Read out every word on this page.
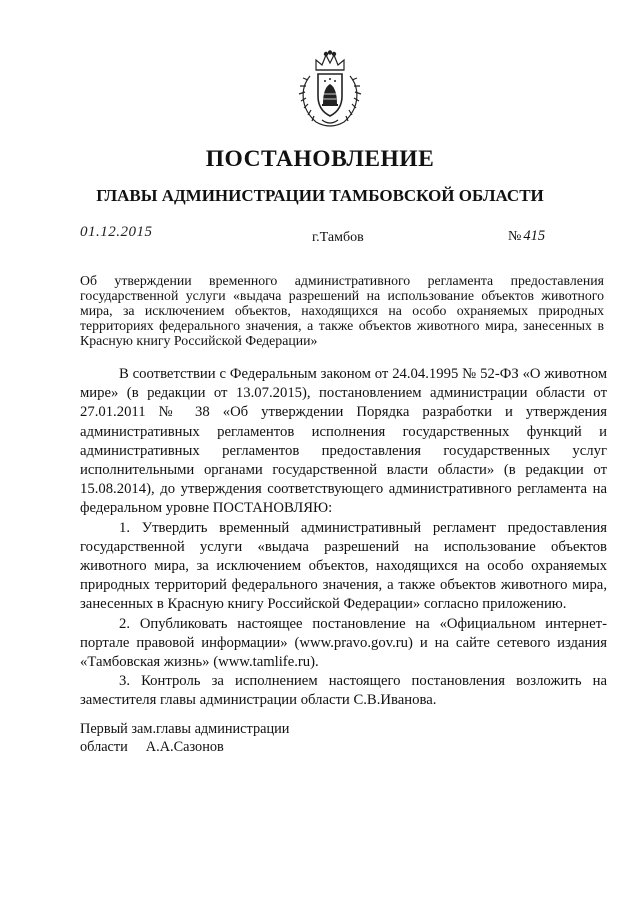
ПОСТАНОВЛЕНИЕ
ГЛАВЫ АДМИНИСТРАЦИИ ТАМБОВСКОЙ ОБЛАСТИ
01.12.2015	г.Тамбов	№ 415

Об утверждении временного административного регламента предоставления государственной услуги «выдача разрешений на использование объектов животного мира, за исключением объектов, находящихся на особо охраняемых природных территориях федерального значения, а также объектов животного мира, занесенных в Красную книгу Российской Федерации»

В соответствии с Федеральным законом от 24.04.1995 № 52-ФЗ «О животном мире» (в редакции от 13.07.2015), постановлением администрации области от 27.01.2011 № 38 «Об утверждении Порядка разработки и утверждения административных регламентов исполнения государственных функций и административных регламентов предоставления государственных услуг исполнительными органами государственной власти области» (в редакции от 15.08.2014), до утверждения соответствующего административного регламента на федеральном уровне ПОСТАНОВЛЯЮ:

1. Утвердить временный административный регламент предоставления государственной услуги «выдача разрешений на использование объектов животного мира, за исключением объектов, находящихся на особо охраняемых природных территорий федерального значения, а также объектов животного мира, занесенных в Красную книгу Российской Федерации» согласно приложению.

2. Опубликовать настоящее постановление на «Официальном интернет-портале правовой информации» (www.pravo.gov.ru) и на сайте сетевого издания «Тамбовская жизнь» (www.tamlife.ru).

3. Контроль за исполнением настоящего постановления возложить на заместителя главы администрации области С.В.Иванова.

Первый зам.главы администрации
области А.А.Сазонов
